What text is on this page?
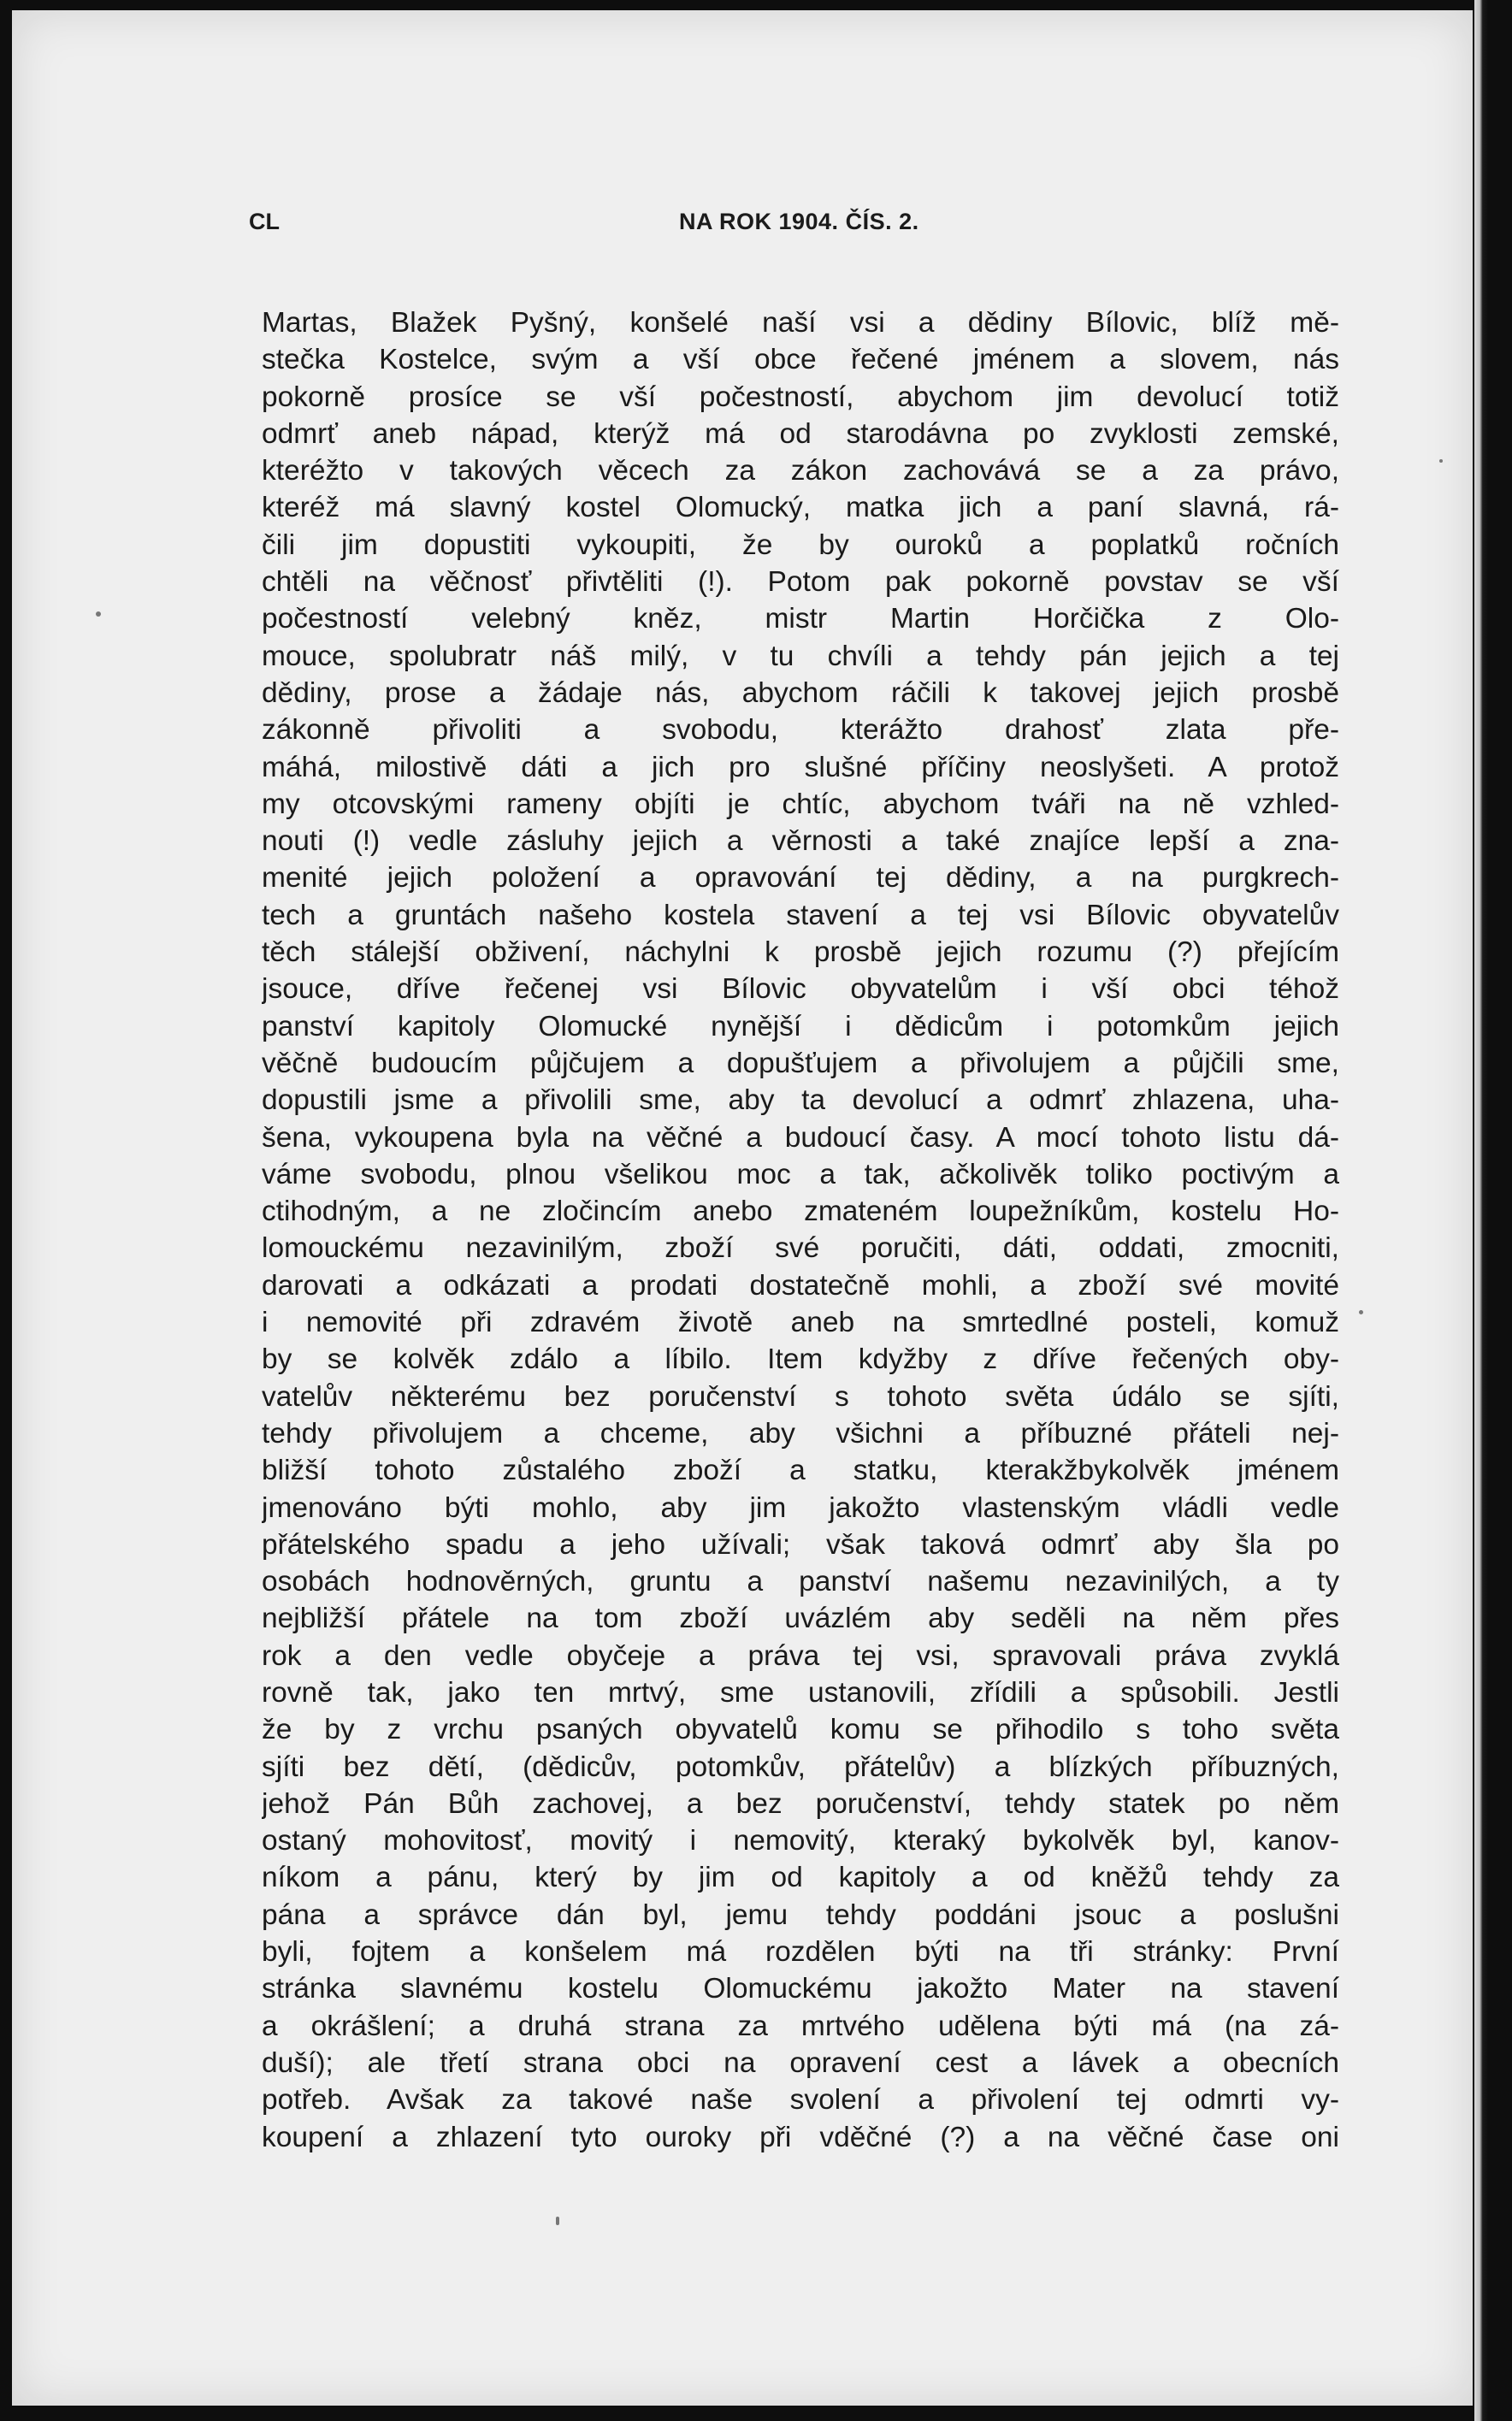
CL	NA ROK 1904. ČÍS. 2.
Martas, Blažek Pyšný, konšelé naší vsi a dědiny Bílovic, blíž mě-
stečka Kostelce, svým a vší obce řečené jménem a slovem, nás
pokorně prosíce se vší počestností, abychom jim devolucí totiž
odmrť aneb nápad, kterýž má od starodávna po zvyklosti zemské,
kteréžto v takových věcech za zákon zachovává se a za právo,
kteréž má slavný kostel Olomucký, matka jich a paní slavná, rá-
čili jim dopustiti vykoupiti, že by ouroků a poplatků ročních
chtěli na věčnosť přivtěliti (!). Potom pak pokorně povstav se vší
počestností velebný kněz, mistr Martin Horčička z Olo-
mouce, spolubratr náš milý, v tu chvíli a tehdy pán jejich a tej
dědiny, prose a žádaje nás, abychom ráčili k takovej jejich prosbě
zákonně přivoliti a svobodu, kterážto drahosť zlata pře-
máhá, milostivě dáti a jich pro slušné příčiny neoslyšeti. A protož
my otcovskými rameny objíti je chtíc, abychom tváři na ně vzhled-
nouti (!) vedle zásluhy jejich a věrnosti a také znajíce lepší a zna-
menité jejich položení a opravování tej dědiny, a na purgkrech-
tech a gruntách našeho kostela stavení a tej vsi Bílovic obyvatelův
těch stálejší obživení, náchylni k prosbě jejich rozumu (?) přejícím
jsouce, dříve řečenej vsi Bílovic obyvatelům i vší obci téhož
panství kapitoly Olomucké nynější i dědicům i potomkům jejich
věčně budoucím půjčujem a dopušťujem a přivolujem a půjčili sme,
dopustili jsme a přivolili sme, aby ta devolucí a odmrť zhlazena, uha-
šena, vykoupena byla na věčné a budoucí časy. A mocí tohoto listu dá-
váme svobodu, plnou všelikou moc a tak, ačkolivěk toliko poctivým a
ctihodným, a ne zločincím anebo zmateném loupežníkům, kostelu Ho-
lomouckému nezavinilým, zboží své poručiti, dáti, oddati, zmocniti,
darovati a odkázati a prodati dostatečně mohli, a zboží své movité
i nemovité při zdravém životě aneb na smrtedlné posteli, komuž
by se kolvěk zdálo a líbilo. Item kdyžby z dříve řečených oby-
vatelův některému bez poručenství s tohoto světa údálo se sjíti,
tehdy přivolujem a chceme, aby všichni a příbuzné přáteli nej-
bližší tohoto zůstalého zboží a statku, kterakžbykolvěk jménem
jmenováno býti mohlo, aby jim jakožto vlastenským vládli vedle
přátelského spadu a jeho užívali; však taková odmrť aby šla po
osobách hodnověrných, gruntu a panství našemu nezavinilých, a ty
nejbližší přátele na tom zboží uvázlém aby seděli na něm přes
rok a den vedle obyčeje a práva tej vsi, spravovali práva zvyklá
rovně tak, jako ten mrtvý, sme ustanovili, zřídili a spůsobili. Jestli
že by z vrchu psaných obyvatelů komu se přihodilo s toho světa
sjíti bez dětí, (dědicův, potomkův, přátelův) a blízkých příbuzných,
jehož Pán Bůh zachovej, a bez poručenství, tehdy statek po něm
ostaný mohovitosť, movitý i nemovitý, kteraký bykolvěk byl, kanov-
níkom a pánu, který by jim od kapitoly a od kněžů tehdy za
pána a správce dán byl, jemu tehdy poddáni jsouc a poslušni
byli, fojtem a konšelem má rozdělen býti na tři stránky: První
stránka slavnému kostelu Olomuckému jakožto Mater na stavení
a okrášlení; a druhá strana za mrtvého udělena býti má (na zá-
duší); ale třetí strana obci na opravení cest a lávek a obecních
potřeb. Avšak za takové naše svolení a přivolení tej odmrti vy-
koupení a zhlazení tyto ouroky při vděčné (?) a na věčné čase oni
